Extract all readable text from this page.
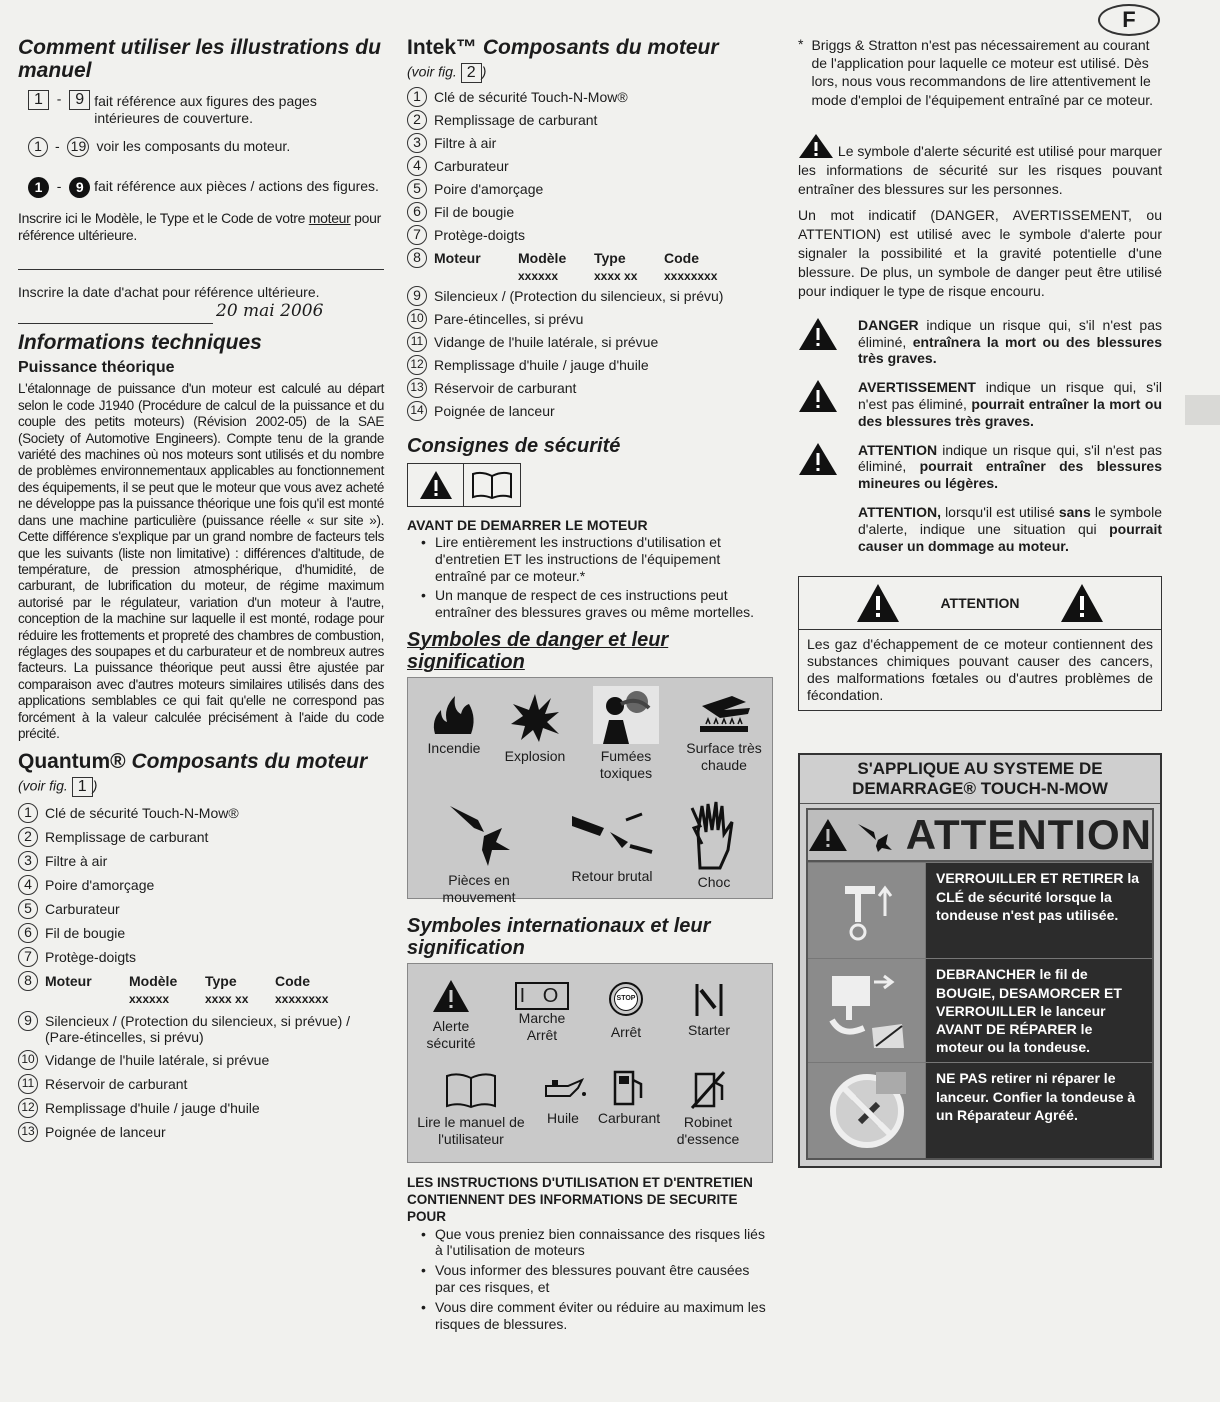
F
Comment utiliser les illustrations du manuel
1  -  9 fait référence aux figures des pages intérieures de couverture.
1 -  19 voir les composants du moteur.
1  -  9 fait référence aux pièces / actions des figures.

Inscrire ici le Modèle, le Type et le Code de votre moteur pour référence ultérieure.

Inscrire la date d'achat pour référence ultérieure.

20 mai 2006
Informations techniques
Puissance théorique

L'étalonnage de puissance d'un moteur est calculé au départ selon le code J1940 (Procédure de calcul de la puissance et du couple des petits moteurs) (Révision 2002-05) de la SAE (Society of Automotive Engineers). Compte tenu de la grande variété des machines où nos moteurs sont utilisés et du nombre de problèmes environnementaux applicables au fonctionnement des équipements, il se peut que le moteur que vous avez acheté ne développe pas la puissance théorique une fois qu'il est monté dans une machine particulière (puissance réelle « sur site »). Cette différence s'explique par un grand nombre de facteurs tels que les suivants (liste non limitative) : différences d'altitude, de température, de pression atmosphérique, d'humidité, de carburant, de lubrification du moteur, de régime maximum autorisé par le régulateur, variation d'un moteur à l'autre, conception de la machine sur laquelle il est monté, rodage pour réduire les frottements et propreté des chambres de combustion, réglages des soupapes et du carburateur et de nombreux autres facteurs. La puissance théorique peut aussi être ajustée par comparaison avec d'autres moteurs similaires utilisés dans des applications semblables ce qui fait qu'elle ne correspond pas forcément à la valeur calculée précisément à l'aide du code précité.

Quantum® Composants du moteur

(voir fig. 1 )

1 Clé de sécurité Touch-N-Mow®
2 Remplissage de carburant
3 Filtre à air
4 Poire d'amorçage
5 Carburateur
6 Fil de bougie
7 Protège-doigts
8 Moteur	Modèle	Type	Code
xxxxxx	xxxx xx	xxxxxxxx
9 Silencieux / (Protection du silencieux, si prévue) / (Pare-étincelles, si prévu)
10 Vidange de l'huile latérale, si prévue
11 Réservoir de carburant
12 Remplissage d'huile / jauge d'huile
13 Poignée de lanceur
Intek™ Composants du moteur

(voir fig. 2 )

1 Clé de sécurité Touch-N-Mow®
2 Remplissage de carburant
3 Filtre à air
4 Carburateur
5 Poire d'amorçage
6 Fil de bougie
7 Protège-doigts
8 Moteur	Modèle	Type	Code
xxxxxx	xxxx xx	xxxxxxxx
9 Silencieux / (Protection du silencieux, si prévu)
10 Pare-étincelles, si prévu
11 Vidange de l'huile latérale, si prévue
12 Remplissage d'huile / jauge d'huile
13 Réservoir de carburant
14 Poignée de lanceur
Consignes de sécurité

AVANT DE DEMARRER LE MOTEUR

• Lire entièrement les instructions d'utilisation et d'entretien ET les instructions de l'équipement entraîné par ce moteur.*
• Un manque de respect de ces instructions peut entraîner des blessures graves ou même mortelles.
Symboles de danger et leur signification
Incendie	Explosion	Fumées toxiques
Surface très chaude
Pièces en mouvement
Retour brutal	Choc
Symboles internationaux et leur signification
Alerte sécurité
I O
Marche Arrêt
STOP
Arrêt	Starter
Lire le manuel de l'utilisateur
Huile	Carburant	Robinet d'essence

LES INSTRUCTIONS D'UTILISATION ET D'ENTRETIEN CONTIENNENT DES INFORMATIONS DE SECURITE POUR

• Que vous preniez bien connaissance des risques liés à l'utilisation de moteurs
• Vous informer des blessures pouvant être causées par ces risques, et
• Vous dire comment éviter ou réduire au maximum les risques de blessures.
* Briggs & Stratton n'est pas nécessairement au courant de l'application pour laquelle ce moteur est utilisé. Dès lors, nous vous recommandons de lire attentivement le mode d'emploi de l'équipement entraîné par ce moteur.

Le symbole d'alerte sécurité est utilisé pour marquer les informations de sécurité sur les risques pouvant entraîner des blessures sur les personnes.

Un mot indicatif (DANGER, AVERTISSEMENT, ou ATTENTION) est utilisé avec le symbole d'alerte pour signaler la possibilité et la gravité potentielle d'une blessure. De plus, un symbole de danger peut être utilisé pour indiquer le type de risque encouru.

DANGER indique un risque qui, s'il n'est pas éliminé, entraînera la mort ou des blessures très graves.
AVERTISSEMENT indique un risque qui, s'il n'est pas éliminé, pourrait entraîner la mort ou des blessures très graves.
ATTENTION indique un risque qui, s'il n'est pas éliminé, pourrait entraîner des blessures mineures ou légères.
ATTENTION, lorsqu'il est utilisé sans le symbole d'alerte, indique une situation qui pourrait causer un dommage au moteur.
ATTENTION
Les gaz d'échappement de ce moteur contiennent des substances chimiques pouvant causer des cancers, des malformations fœtales ou d'autres problèmes de fécondation.
S'APPLIQUE AU SYSTEME DE DEMARRAGE® TOUCH-N-MOW
ATTENTION
VERROUILLER ET RETIRER la CLÉ de sécurité lorsque la tondeuse n'est pas utilisée.
DEBRANCHER le fil de BOUGIE, DESAMORCER ET VERROUILLER le lanceur AVANT DE RÉPARER le moteur ou la tondeuse.
NE PAS retirer ni réparer le lanceur. Confier la tondeuse à un Réparateur Agréé.
